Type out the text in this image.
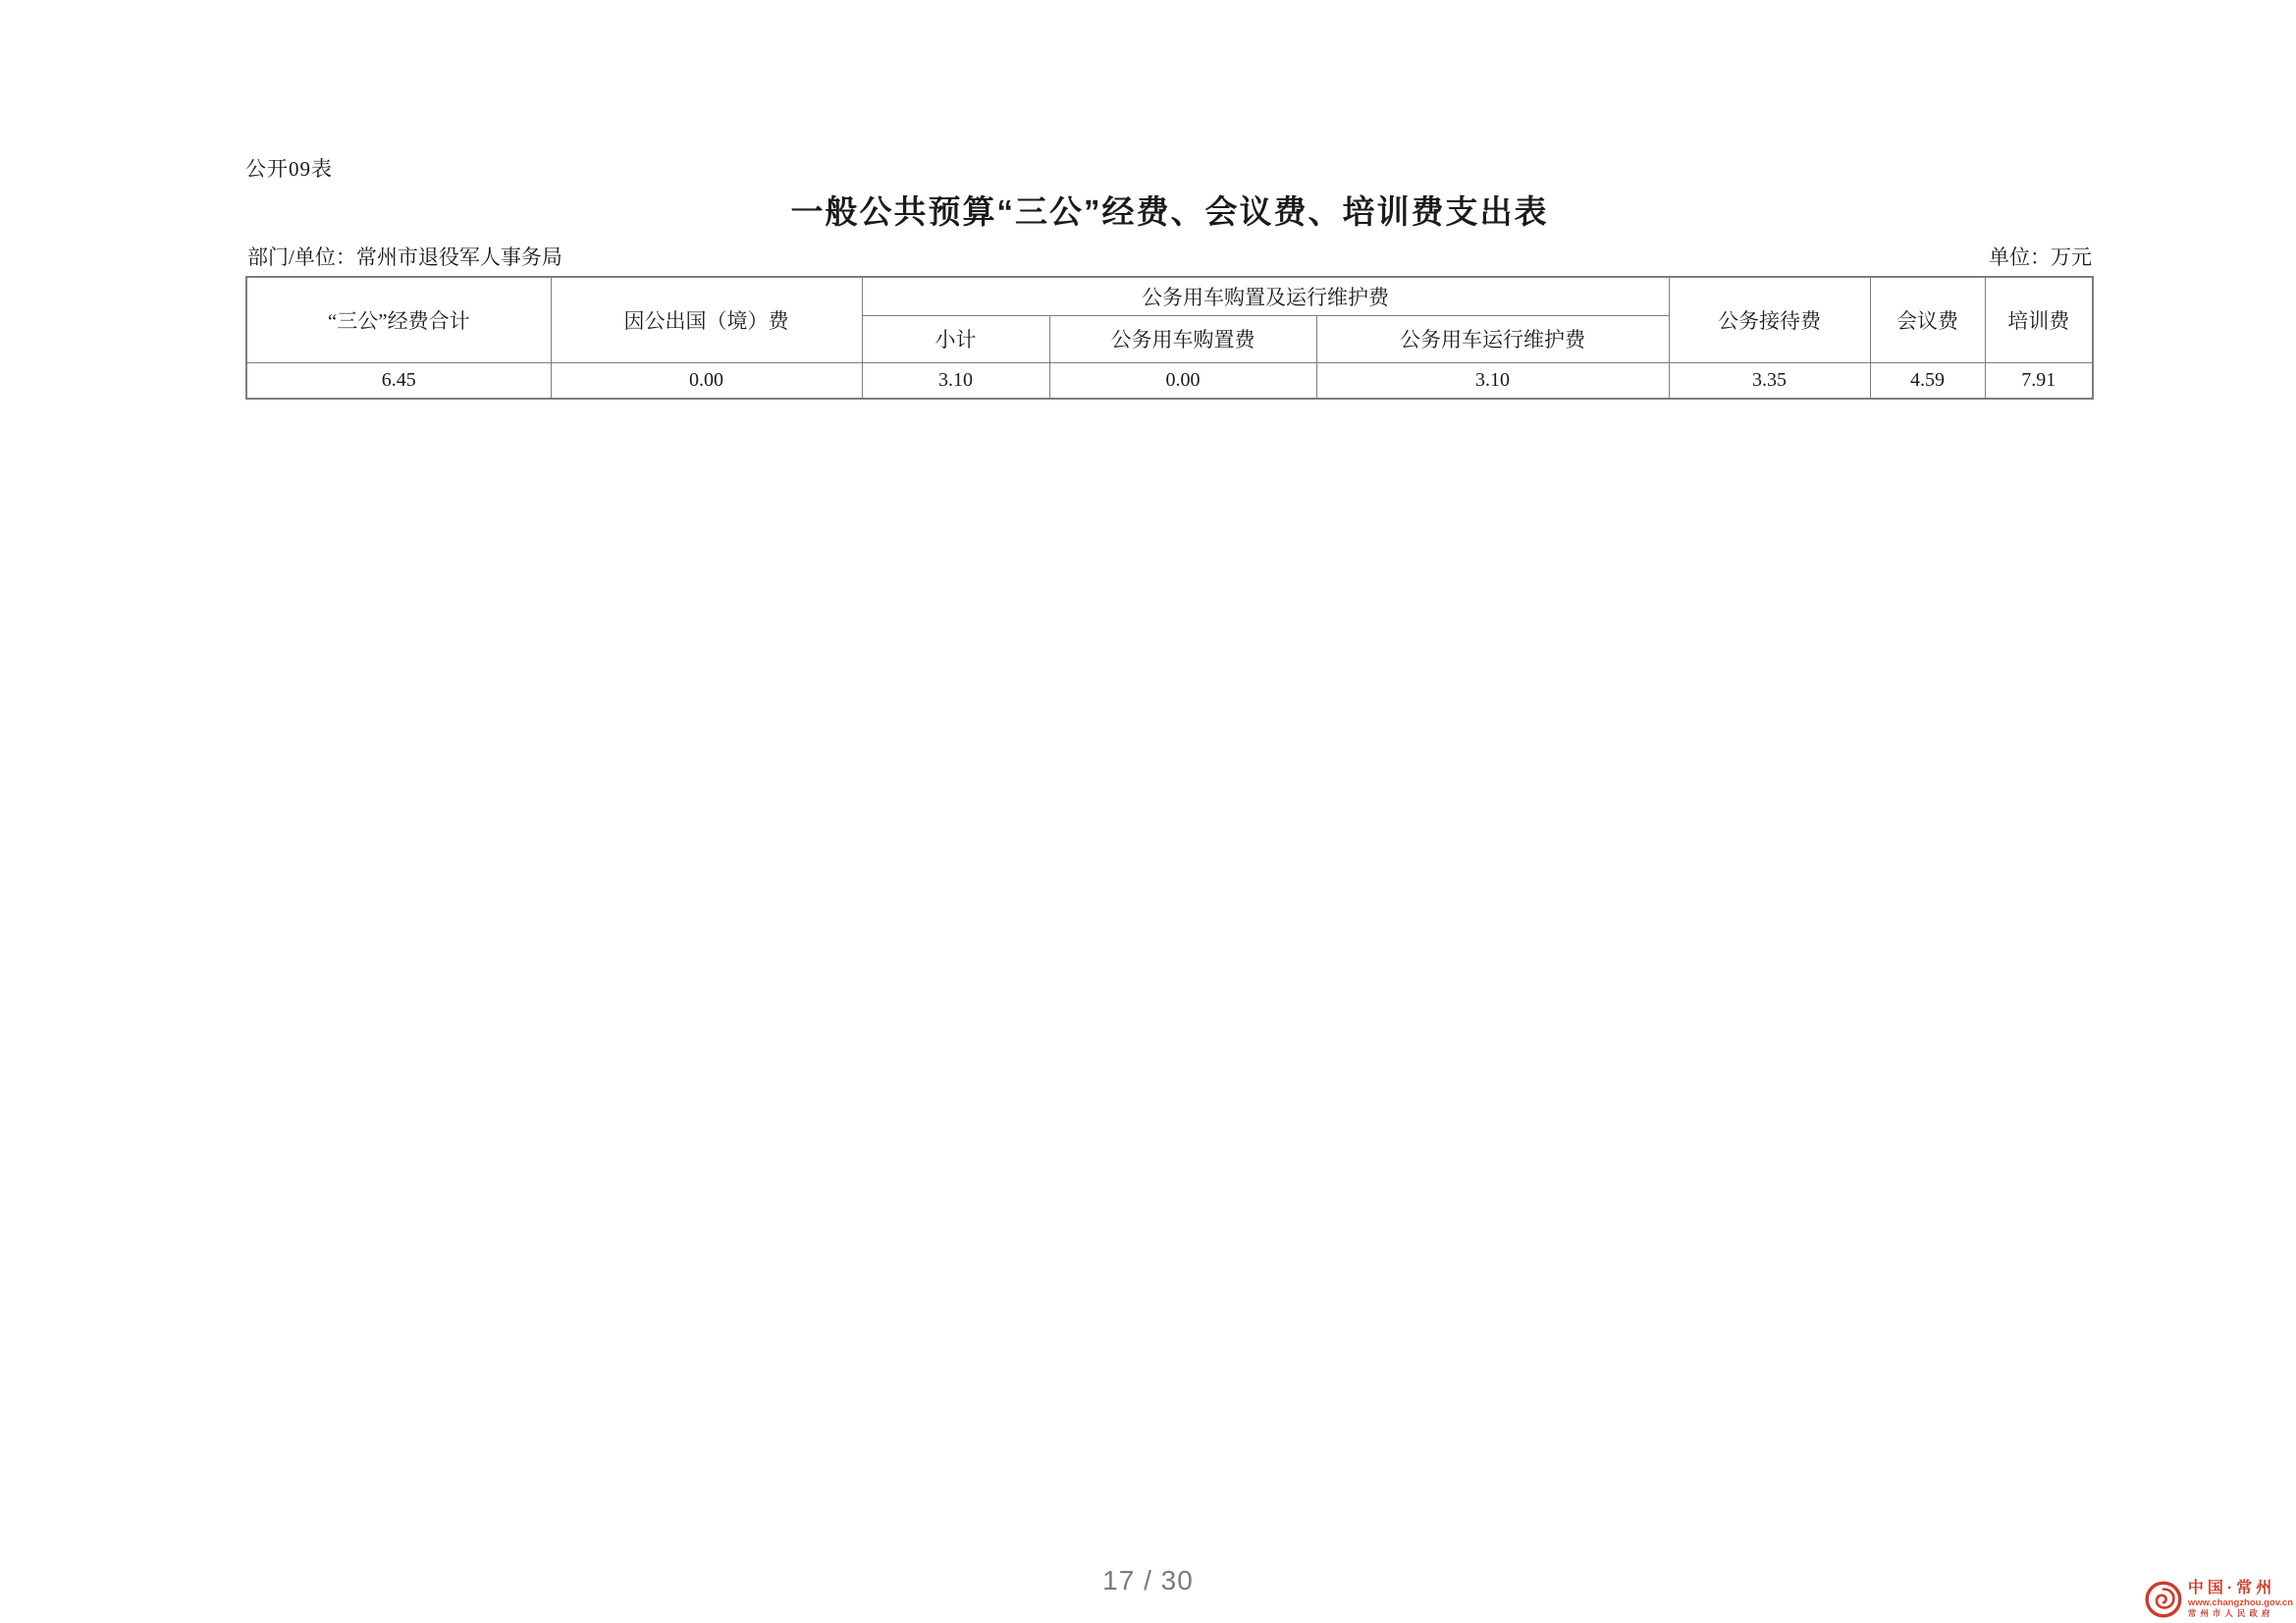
公开09表
一般公共预算“三公”经费、会议费、培训费支出表
部门/单位：常州市退役军人事务局	单位：万元
“三公”经费合计	因公出国（境）费	公务用车购置及运行维护费			公务接待费	会议费	培训费
		小计	公务用车购置费	公务用车运行维护费			
6.45	0.00	3.10	0.00	3.10	3.35	4.59	7.91
17 / 30	中国·常州
www.changzhou.gov.cn
常州市人民政府
